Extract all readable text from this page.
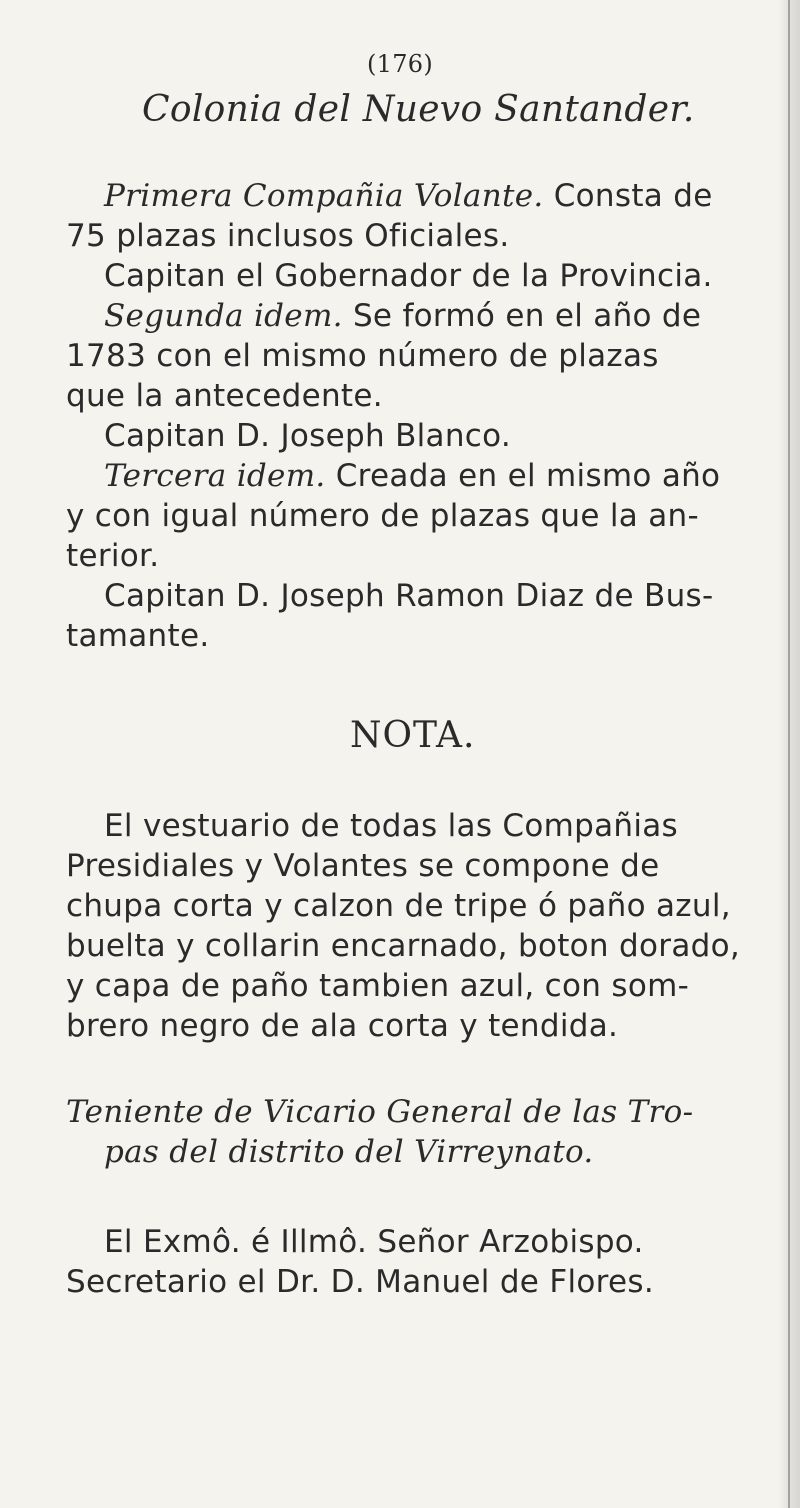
(176)
Colonia del Nuevo Santander.
Primera Compañia Volante. Consta de
75 plazas inclusos Oficiales.
Capitan el Gobernador de la Provincia.
Segunda idem. Se formó en el año de
1783 con el mismo número de plazas
que la antecedente.
Capitan D. Joseph Blanco.
Tercera idem. Creada en el mismo año
y con igual número de plazas que la an-
terior.
Capitan D. Joseph Ramon Diaz de Bus-
tamante.
NOTA.
El vestuario de todas las Compañias
Presidiales y Volantes se compone de
chupa corta y calzon de tripe ó paño azul,
buelta y collarin encarnado, boton dorado,
y capa de paño tambien azul, con som-
brero negro de ala corta y tendida.
Teniente de Vicario General de las Tro-
pas del distrito del Virreynato.
El Exmô. é Illmô. Señor Arzobispo.
Secretario el Dr. D. Manuel de Flores.
